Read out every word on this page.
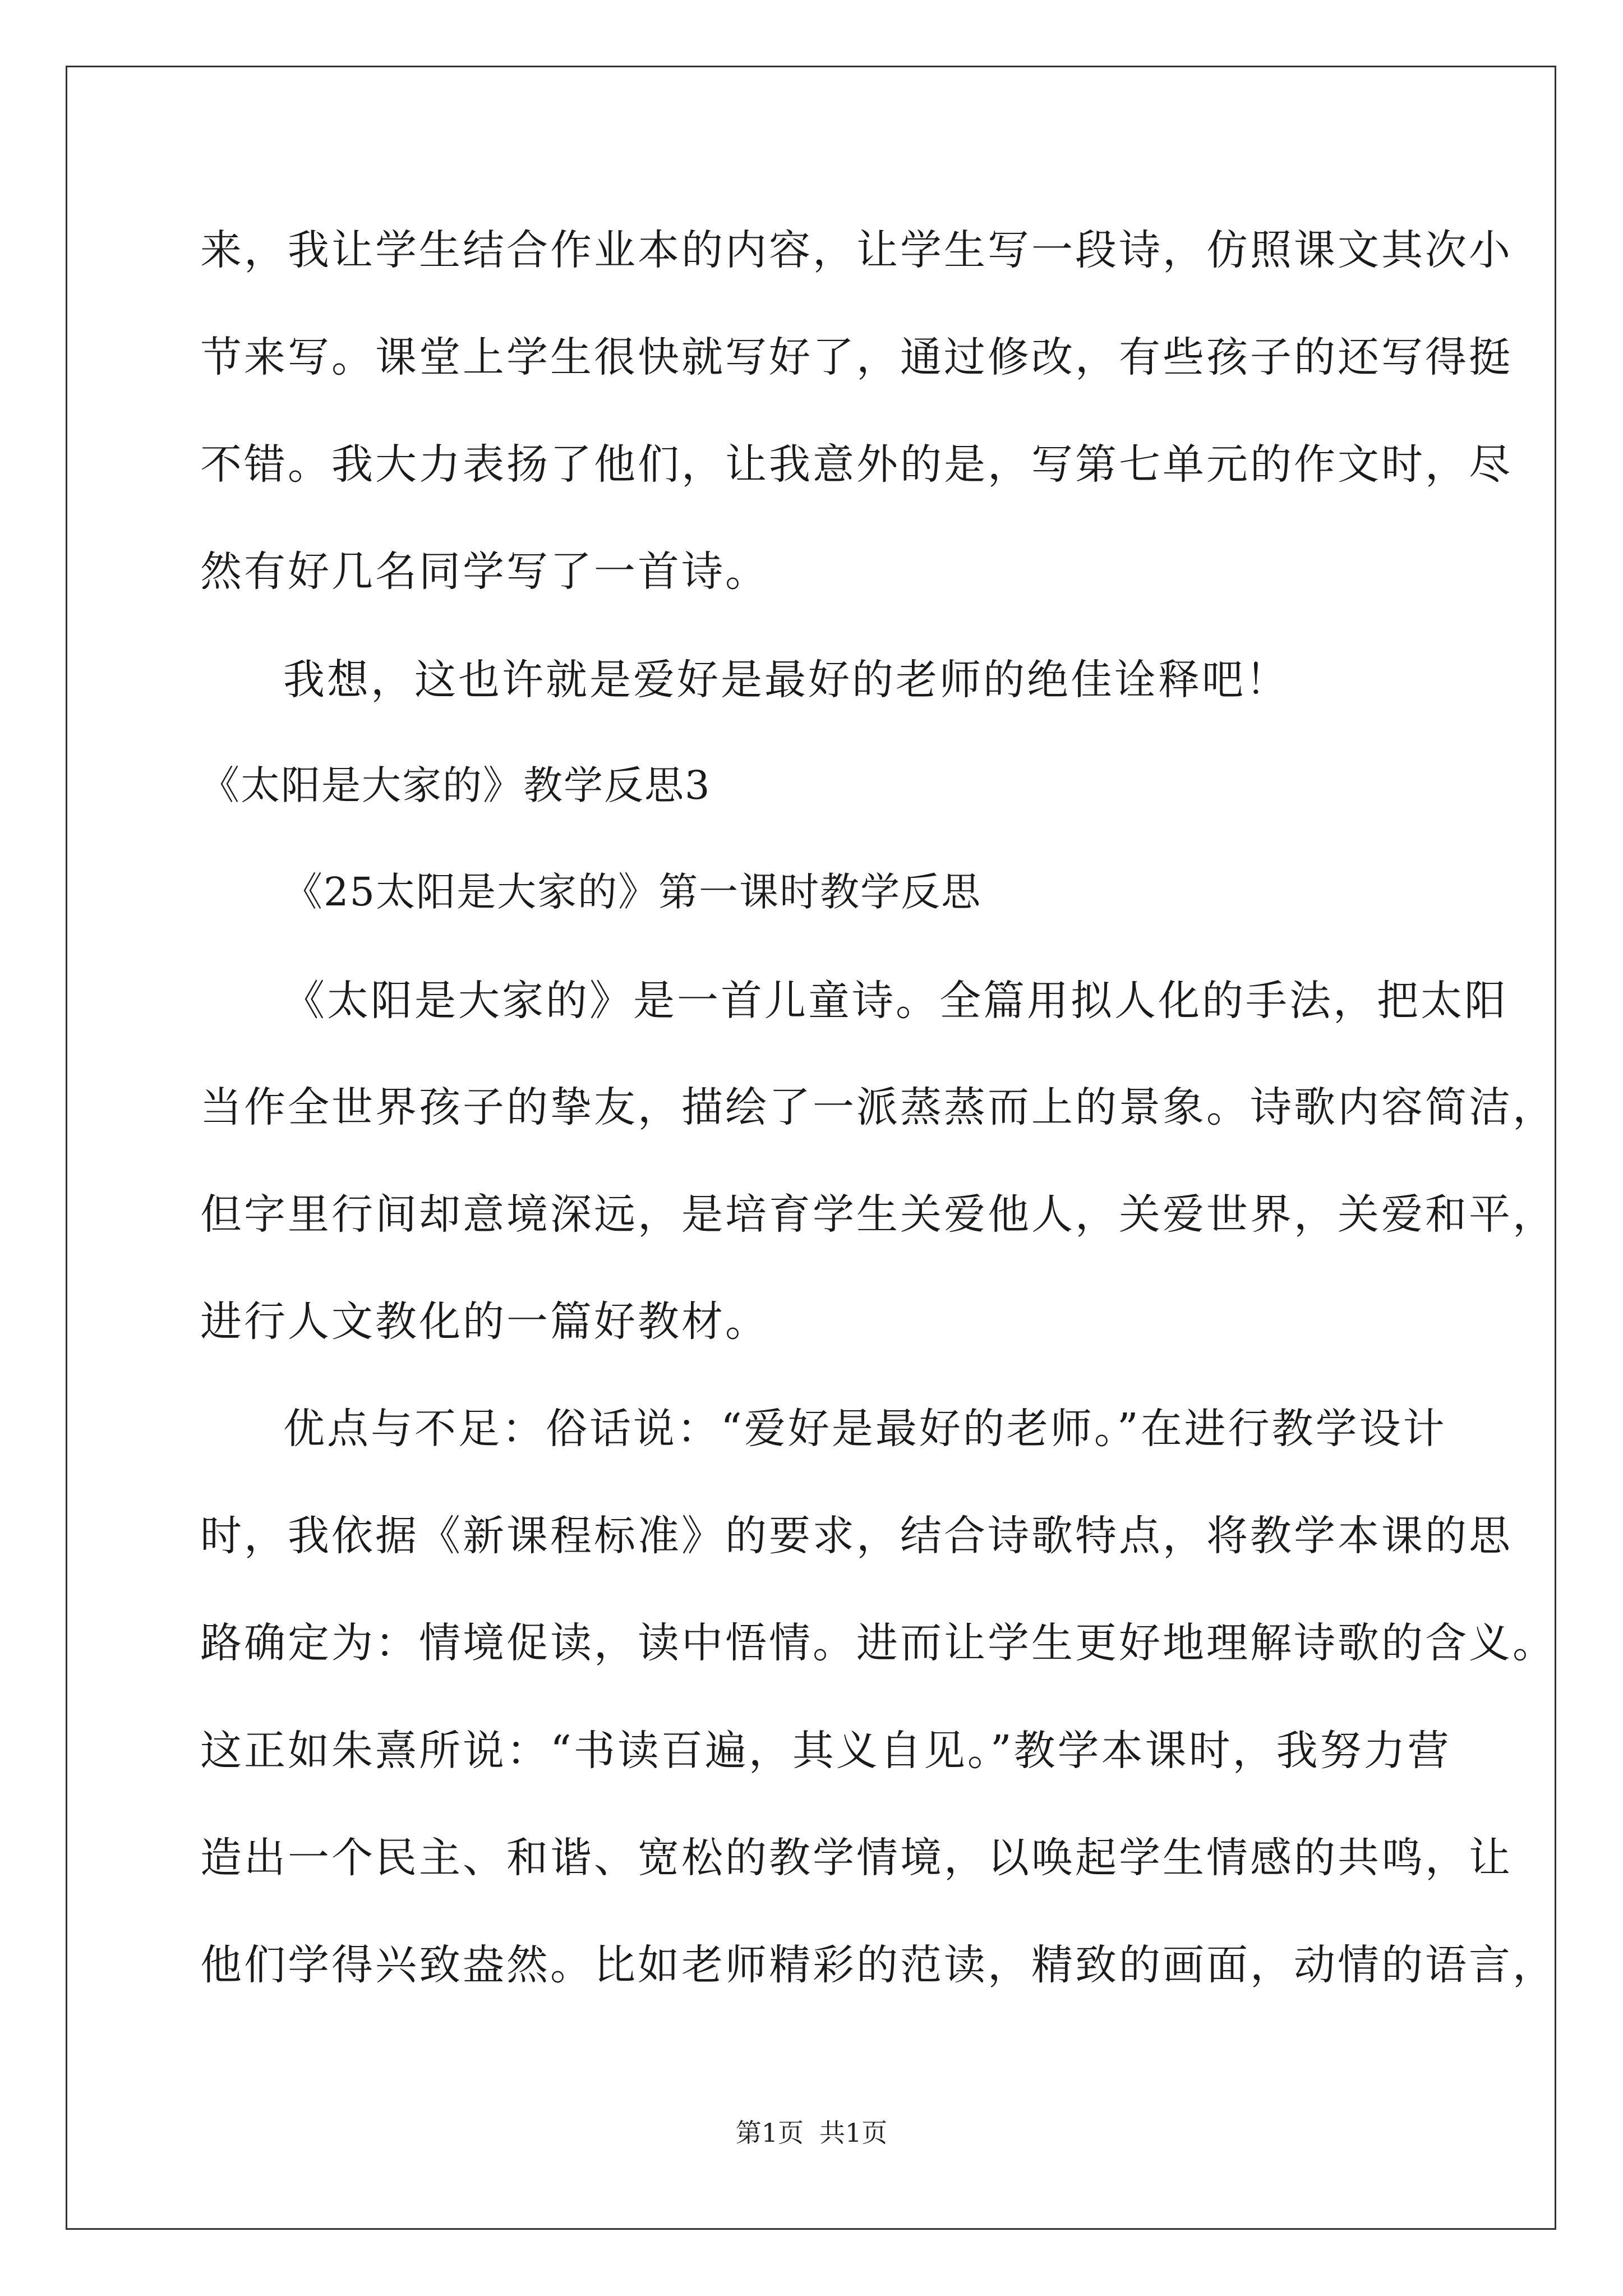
来，我让学生结合作业本的内容，让学生写一段诗，仿照课文其次小
节来写。课堂上学生很快就写好了，通过修改，有些孩子的还写得挺
不错。我大力表扬了他们，让我意外的是，写第七单元的作文时，尽
然有好几名同学写了一首诗。
我想，这也许就是爱好是最好的老师的绝佳诠释吧！
《太阳是大家的》教学反思3
《25太阳是大家的》第一课时教学反思
《太阳是大家的》是一首儿童诗。全篇用拟人化的手法，把太阳
当作全世界孩子的挚友，描绘了一派蒸蒸而上的景象。诗歌内容简洁，
但字里行间却意境深远，是培育学生关爱他人，关爱世界，关爱和平，
进行人文教化的一篇好教材。
优点与不足：俗话说：“爱好是最好的老师。”在进行教学设计
时，我依据《新课程标准》的要求，结合诗歌特点，将教学本课的思
路确定为：情境促读，读中悟情。进而让学生更好地理解诗歌的含义。
这正如朱熹所说：“书读百遍，其义自见。”教学本课时，我努力营
造出一个民主、和谐、宽松的教学情境，以唤起学生情感的共鸣，让
他们学得兴致盎然。比如老师精彩的范读，精致的画面，动情的语言，
第1页 共1页
